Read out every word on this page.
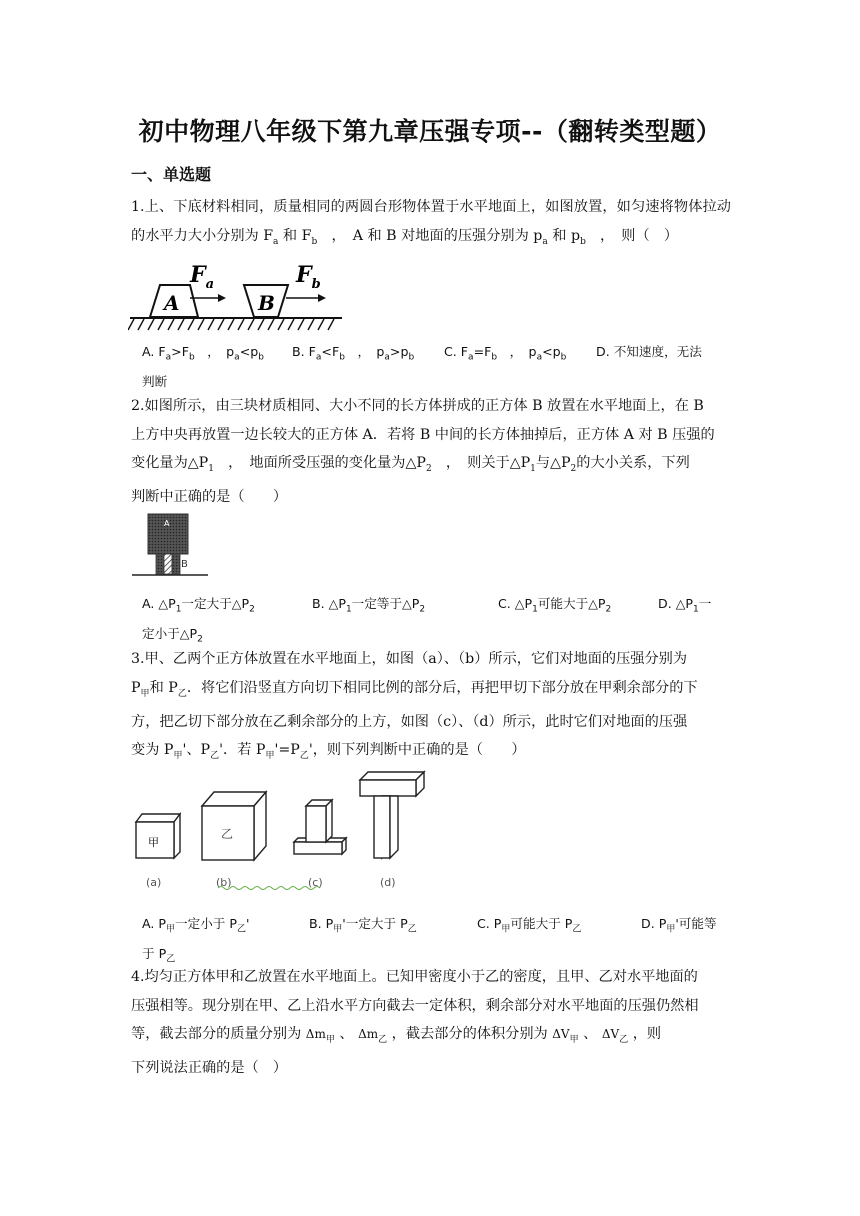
初中物理八年级下第九章压强专项--（翻转类型题）
一、单选题

1.上、下底材料相同，质量相同的两圆台形物体置于水平地面上，如图放置，如匀速将物体拉动的水平力大小分别为 $F_a$ 和 $F_b$　，　A 和 B 对地面的压强分别为 $p_a$ 和 $p_b$　，　则（　）

A
$F_a$
B
$F_b$
A. $F_a>F_b$　，　$p_a<p_b$ B. $F_a<F_b$　，　$p_a>p_b$ C. $F_a=F_b$　，　$p_a<p_b$ D. 不知速度，无法
判断

2.如图所示，由三块材质相同、大小不同的长方体拼成的正方体 B 放置在水平地面上，在 B

上方中央再放置一边长较大的正方体 A．若将 B 中间的长方体抽掉后，正方体 A 对 B 压强的

变化量为$\triangle P_1$　，　地面所受压强的变化量为$\triangle P_2$　，　则关于$\triangle P_1$与$\triangle P_2$的大小关系，下列

判断中正确的是（　　）

A
B
A. $\triangle P_1$一定大于$\triangle P_2$	B. $\triangle P_1$一定等于$\triangle P_2$	C. $\triangle P_1$可能大于$\triangle P_2$	D. $\triangle P_1$一
定小于$\triangle P_2$

3.甲、乙两个正方体放置在水平地面上，如图（a）、（b）所示，它们对地面的压强分别为

$P_甲$和 $P_乙$．将它们沿竖直方向切下相同比例的部分后，再把甲切下部分放在甲剩余部分的下

方，把乙切下部分放在乙剩余部分的上方，如图（c）、（d）所示，此时它们对地面的压强

变为 $P_甲'$、$P_乙'$．若 $P_甲'=P_乙'$，则下列判断中正确的是（　　）

甲
乙
(a)	(b)	(c)	(d)
A. $P_甲$一定小于 $P_乙'$	B. $P_甲'$一定大于 $P_乙$	C. $P_甲$可能大于 $P_乙$	D. $P_甲'$可能等
于 $P_乙$

4.均匀正方体甲和乙放置在水平地面上。已知甲密度小于乙的密度，且甲、乙对水平地面的

压强相等。现分别在甲、乙上沿水平方向截去一定体积，剩余部分对水平地面的压强仍然相

等，截去部分的质量分别为 $\Delta m_甲$ 、 $\Delta m_乙$ ，截去部分的体积分别为 $\Delta V_甲$ 、 $\Delta V_乙$ ，则

下列说法正确的是（　）
